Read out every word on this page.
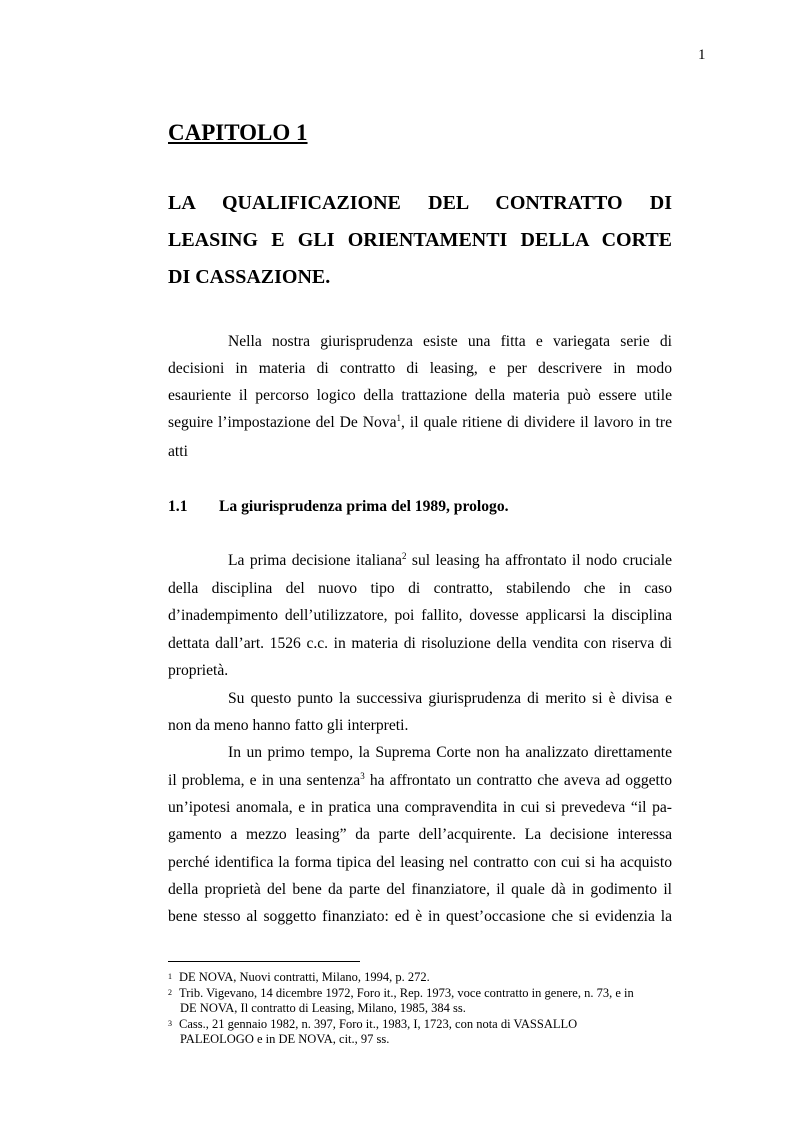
1
CAPITOLO 1
LA QUALIFICAZIONE DEL CONTRATTO DI
LEASING E GLI ORIENTAMENTI DELLA CORTE
DI CASSAZIONE.
Nella nostra giurisprudenza esiste una fitta e variegata serie di
decisioni in materia di contratto di leasing, e per descrivere in modo
esauriente il percorso logico della trattazione della materia può essere utile
seguire l’impostazione del De Nova$^1$, il quale ritiene di dividere il lavoro in tre
atti
1.1 La giurisprudenza prima del 1989, prologo.
La prima decisione italiana$^2$ sul leasing ha affrontato il nodo cruciale
della disciplina del nuovo tipo di contratto, stabilendo che in caso
d’inadempimento dell’utilizzatore, poi fallito, dovesse applicarsi la disciplina
dettata dall’art. 1526 c.c. in materia di risoluzione della vendita con riserva di
proprietà.
Su questo punto la successiva giurisprudenza di merito si è divisa e
non da meno hanno fatto gli interpreti.
In un primo tempo, la Suprema Corte non ha analizzato direttamente
il problema, e in una sentenza$^3$ ha affrontato un contratto che aveva ad oggetto
un’ipotesi anomala, e in pratica una compravendita in cui si prevedeva “il pa-
gamento a mezzo leasing” da parte dell’acquirente. La decisione interessa
perché identifica la forma tipica del leasing nel contratto con cui si ha acquisto
della proprietà del bene da parte del finanziatore, il quale dà in godimento il
bene stesso al soggetto finanziato: ed è in quest’occasione che si evidenzia la
1 DE NOVA, Nuovi contratti, Milano, 1994, p. 272.
2 Trib. Vigevano, 14 dicembre 1972, Foro it., Rep. 1973, voce contratto in genere, n. 73, e in
DE NOVA, Il contratto di Leasing, Milano, 1985, 384 ss.
3 Cass., 21 gennaio 1982, n. 397, Foro it., 1983, I, 1723, con nota di VASSALLO
PALEOLOGO e in DE NOVA, cit., 97 ss.
